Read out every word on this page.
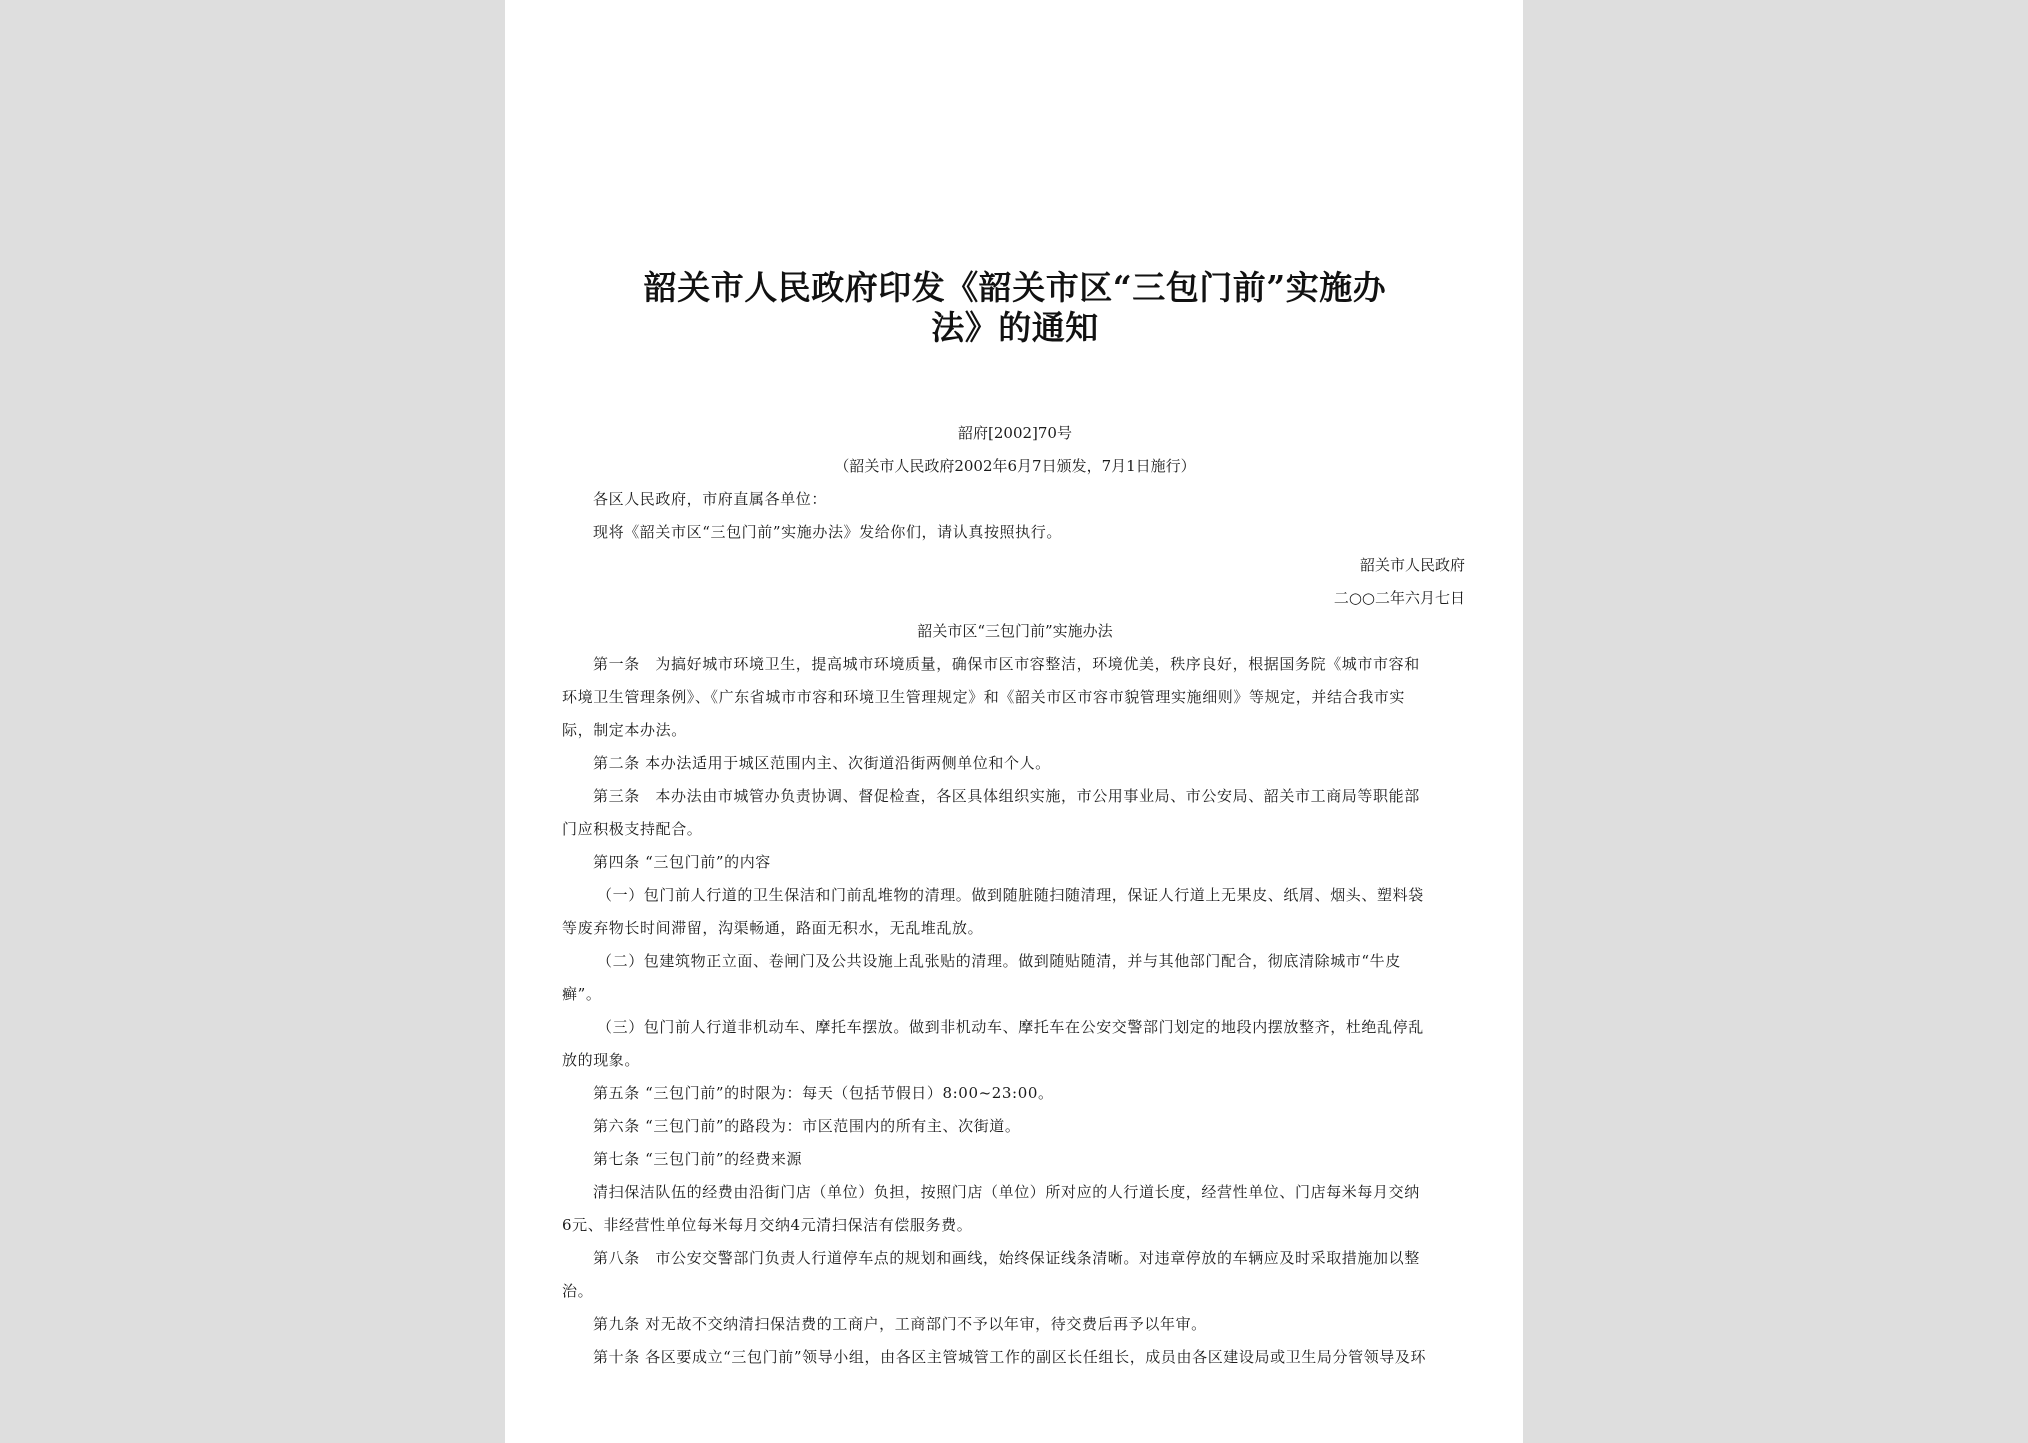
韶关市人民政府印发《韶关市区“三包门前”实施办
法》的通知
韶府[2002]70号
（韶关市人民政府2002年6月7日颁发，7月1日施行）
各区人民政府，市府直属各单位：
现将《韶关市区“三包门前”实施办法》发给你们，请认真按照执行。
韶关市人民政府
二○○二年六月七日
韶关市区“三包门前”实施办法
第一条　为搞好城市环境卫生，提高城市环境质量，确保市区市容整洁，环境优美，秩序良好，根据国务院《城市市容和
环境卫生管理条例》、《广东省城市市容和环境卫生管理规定》和《韶关市区市容市貌管理实施细则》等规定，并结合我市实
际，制定本办法。
第二条 本办法适用于城区范围内主、次街道沿街两侧单位和个人。
第三条　本办法由市城管办负责协调、督促检查，各区具体组织实施，市公用事业局、市公安局、韶关市工商局等职能部
门应积极支持配合。
第四条 “三包门前”的内容
（一）包门前人行道的卫生保洁和门前乱堆物的清理。做到随脏随扫随清理，保证人行道上无果皮、纸屑、烟头、塑料袋
等废弃物长时间滞留，沟渠畅通，路面无积水，无乱堆乱放。
（二）包建筑物正立面、卷闸门及公共设施上乱张贴的清理。做到随贴随清，并与其他部门配合，彻底清除城市“牛皮
癣”。
（三）包门前人行道非机动车、摩托车摆放。做到非机动车、摩托车在公安交警部门划定的地段内摆放整齐，杜绝乱停乱
放的现象。
第五条 “三包门前”的时限为：每天（包括节假日）8:00~23:00。
第六条 “三包门前”的路段为：市区范围内的所有主、次街道。
第七条 “三包门前”的经费来源
清扫保洁队伍的经费由沿街门店（单位）负担，按照门店（单位）所对应的人行道长度，经营性单位、门店每米每月交纳
6元、非经营性单位每米每月交纳4元清扫保洁有偿服务费。
第八条　市公安交警部门负责人行道停车点的规划和画线，始终保证线条清晰。对违章停放的车辆应及时采取措施加以整
治。
第九条 对无故不交纳清扫保洁费的工商户，工商部门不予以年审，待交费后再予以年审。
第十条 各区要成立“三包门前”领导小组，由各区主管城管工作的副区长任组长，成员由各区建设局或卫生局分管领导及环
